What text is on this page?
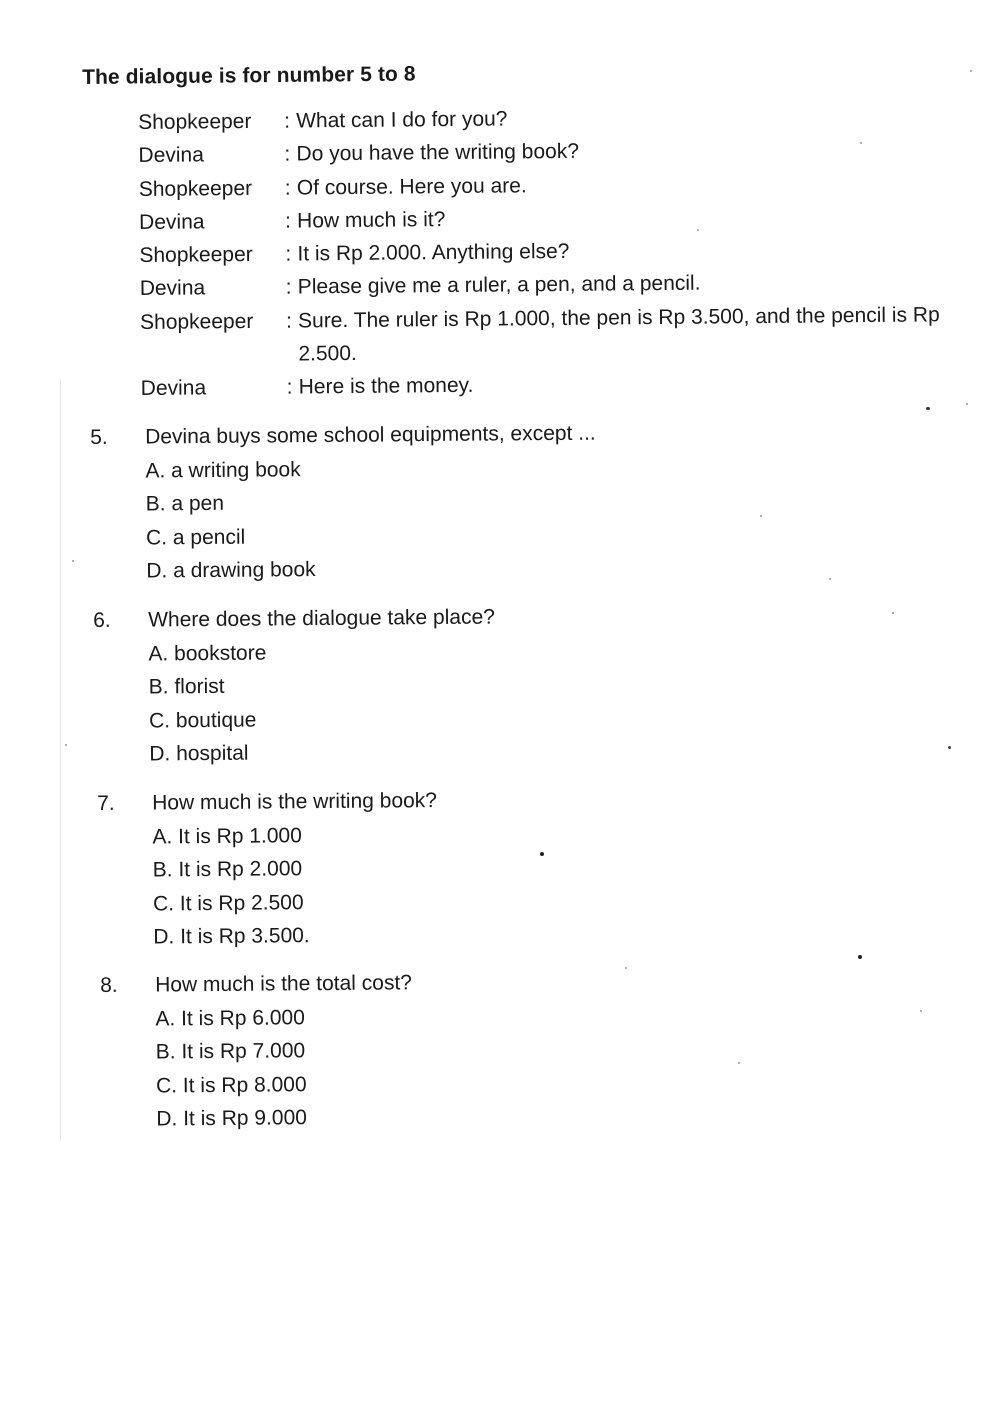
The dialogue is for number 5 to 8
Shopkeeper	: What can I do for you?
Devina	: Do you have the writing book?
Shopkeeper	: Of course. Here you are.
Devina	: How much is it?
Shopkeeper	: It is Rp 2.000. Anything else?
Devina	: Please give me a ruler, a pen, and a pencil.
Shopkeeper	: Sure. The ruler is Rp 1.000, the pen is Rp 3.500, and the pencil is Rp 2.500.
Devina	: Here is the money.
5.	Devina buys some school equipments, except ...
A. a writing book
B. a pen
C. a pencil
D. a drawing book
6.	Where does the dialogue take place?
A. bookstore
B. florist
C. boutique
D. hospital
7.	How much is the writing book?
A. It is Rp 1.000
B. It is Rp 2.000
C. It is Rp 2.500
D. It is Rp 3.500.
8.	How much is the total cost?
A. It is Rp 6.000
B. It is Rp 7.000
C. It is Rp 8.000
D. It is Rp 9.000
